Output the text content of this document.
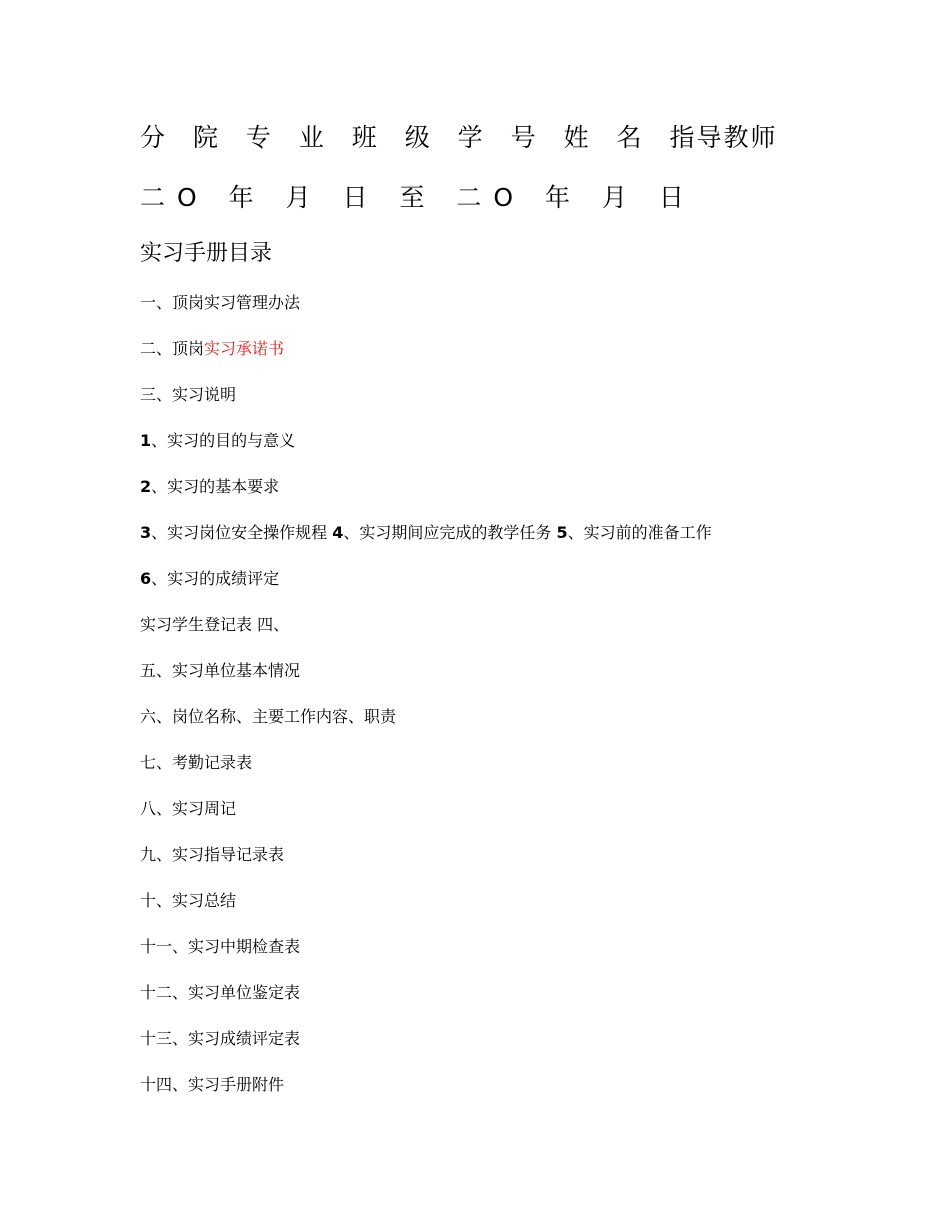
分 院 专 业 班 级 学 号 姓 名 指导教师
二O 年 月 日 至 二O 年 月 日
实习手册目录
一、顶岗实习管理办法
二、顶岗实习承诺书
三、实习说明
1、实习的目的与意义
2、实习的基本要求
3、实习岗位安全操作规程 4、实习期间应完成的教学任务 5、实习前的准备工作
6、实习的成绩评定
实习学生登记表 四、
五、实习单位基本情况
六、岗位名称、主要工作内容、职责
七、考勤记录表
八、实习周记
九、实习指导记录表
十、实习总结
十一、实习中期检查表
十二、实习单位鉴定表
十三、实习成绩评定表
十四、实习手册附件
